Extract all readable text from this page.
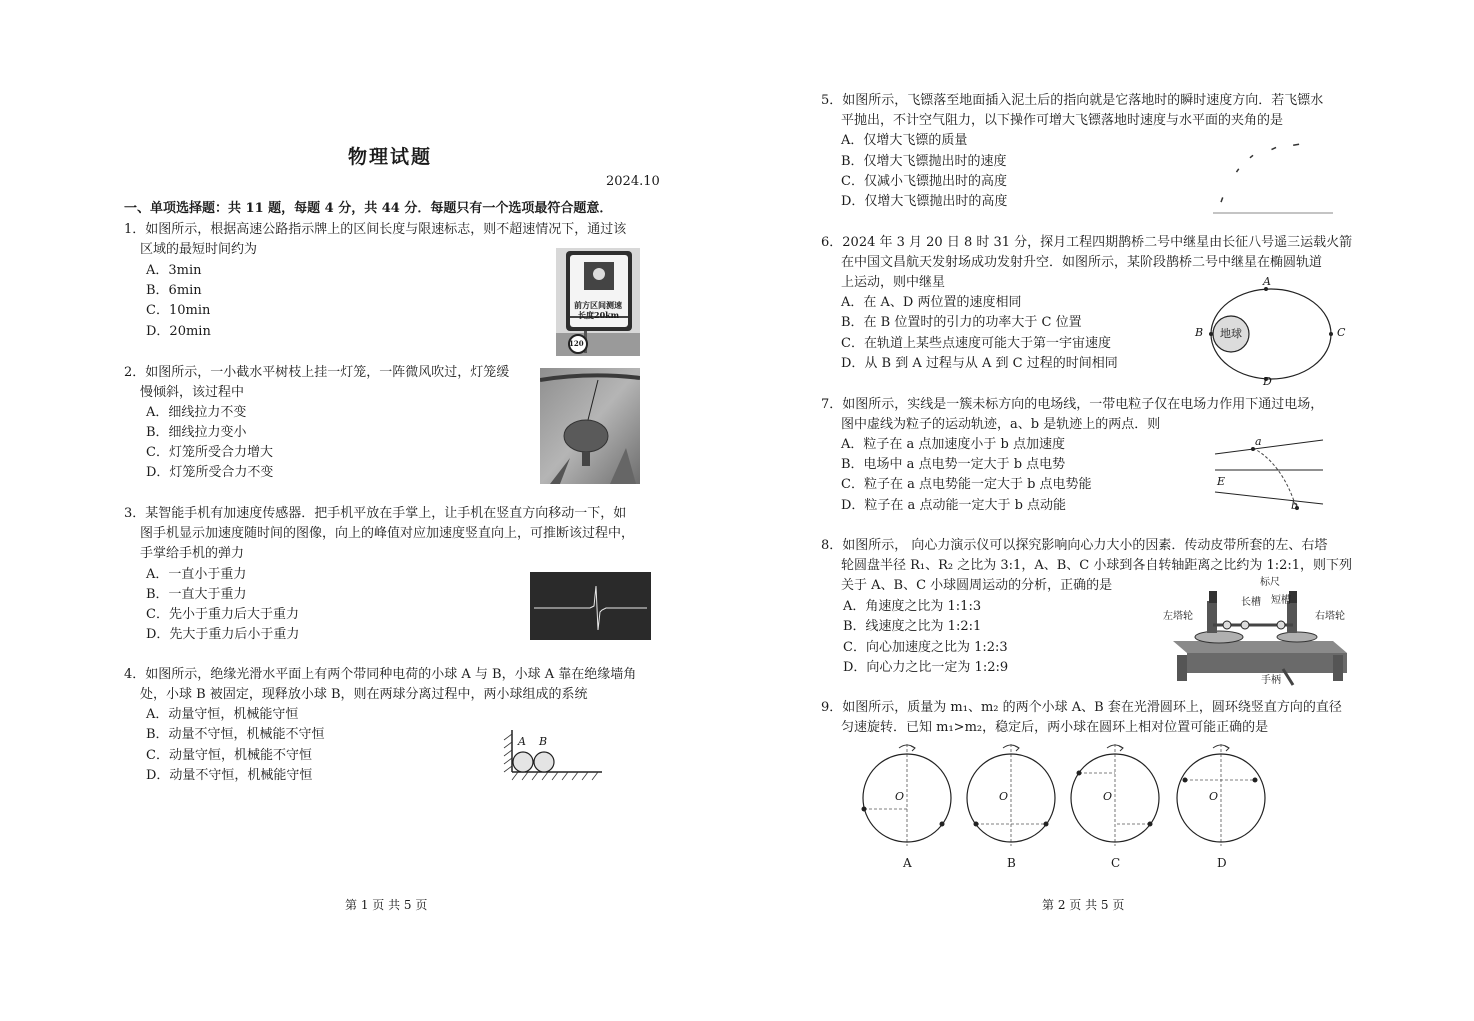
物理试题
2024.10
一、单项选择题：共 11 题，每题 4 分，共 44 分．每题只有一个选项最符合题意．
1．如图所示，根据高速公路指示牌上的区间长度与限速标志，则不超速情况下，通过该
区域的最短时间约为
A．3min
B．6min
C．10min
D．20min
前方区间测速
长度20km
120
2．如图所示，一小截水平树枝上挂一灯笼，一阵微风吹过，灯笼缓
慢倾斜，该过程中
A．细线拉力不变
B．细线拉力变小
C．灯笼所受合力增大
D．灯笼所受合力不变
3．某智能手机有加速度传感器．把手机平放在手掌上，让手机在竖直方向移动一下，如
图手机显示加速度随时间的图像，向上的峰值对应加速度竖直向上，可推断该过程中，
手掌给手机的弹力
A．一直小于重力
B．一直大于重力
C．先小于重力后大于重力
D．先大于重力后小于重力
4．如图所示，绝缘光滑水平面上有两个带同种电荷的小球 A 与 B，小球 A 靠在绝缘墙角
处，小球 B 被固定，现释放小球 B，则在两球分离过程中，两小球组成的系统
A．动量守恒，机械能守恒
B．动量不守恒，机械能不守恒
C．动量守恒，机械能不守恒
D．动量不守恒，机械能守恒
A B
第 1 页 共 5 页
5．如图所示，飞镖落至地面插入泥土后的指向就是它落地时的瞬时速度方向．若飞镖水
平抛出，不计空气阻力，以下操作可增大飞镖落地时速度与水平面的夹角的是
A．仅增大飞镖的质量
B．仅增大飞镖抛出时的速度
C．仅减小飞镖抛出时的高度
D．仅增大飞镖抛出时的高度
6．2024 年 3 月 20 日 8 时 31 分，探月工程四期鹊桥二号中继星由长征八号遥三运载火箭
在中国文昌航天发射场成功发射升空．如图所示，某阶段鹊桥二号中继星在椭圆轨道
上运动，则中继星
A．在 A、D 两位置的速度相同
B．在 B 位置时的引力的功率大于 C 位置
C．在轨道上某些点速度可能大于第一宇宙速度
D．从 B 到 A 过程与从 A 到 C 过程的时间相同
地球
A
B	C
D
7．如图所示，实线是一簇未标方向的电场线，一带电粒子仅在电场力作用下通过电场，
图中虚线为粒子的运动轨迹，a、b 是轨迹上的两点．则
A．粒子在 a 点加速度小于 b 点加速度
B．电场中 a 点电势一定大于 b 点电势
C．粒子在 a 点电势能一定大于 b 点电势能
D．粒子在 a 点动能一定大于 b 点动能
a
b
E
8．如图所示， 向心力演示仪可以探究影响向心力大小的因素．传动皮带所套的左、右塔
轮圆盘半径 R₁、R₂ 之比为 3:1，A、B、C 小球到各自转轴距离之比约为 1:2:1，则下列
关于 A、B、C 小球圆周运动的分析，正确的是
A．角速度之比为 1:1:3
B．线速度之比为 1:2:1
C．向心加速度之比为 1:2:3
D．向心力之比一定为 1:2:9
标尺
长槽 短槽
左塔轮	右塔轮
手柄
9．如图所示，质量为 m₁、m₂ 的两个小球 A、B 套在光滑圆环上，圆环绕竖直方向的直径
匀速旋转．已知 m₁>m₂，稳定后，两小球在圆环上相对位置可能正确的是
O
A
O
B
O
C
O
D
第 2 页 共 5 页
